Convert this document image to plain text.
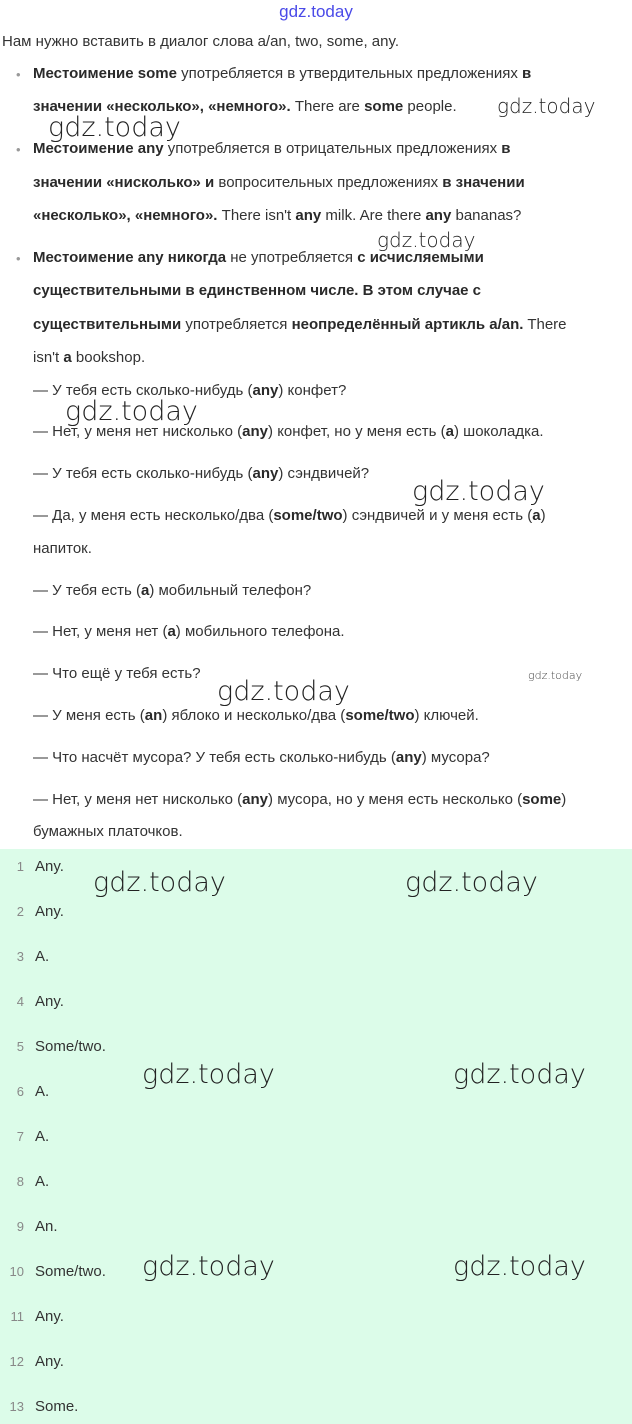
gdz.today
Нам нужно вставить в диалог слова a/an, two, some, any.
• Местоимение some употребляется в утвердительных предложениях в
значении «несколько», «немного». There are some people.
• Местоимение any употребляется в отрицательных предложениях в
значении «нисколько» и вопросительных предложениях в значении
«несколько», «немного». There isn't any milk. Are there any bananas?
• Местоимение any никогда не употребляется с исчисляемыми
существительными в единственном числе. В этом случае с
существительными употребляется неопределённый артикль a/an. There
isn't a bookshop.
— У тебя есть сколько-нибудь (any) конфет?
— Нет, у меня нет нисколько (any) конфет, но у меня есть (a) шоколадка.
— У тебя есть сколько-нибудь (any) сэндвичей?
— Да, у меня есть несколько/два (some/two) сэндвичей и у меня есть (a)
напиток.
— У тебя есть (a) мобильный телефон?
— Нет, у меня нет (a) мобильного телефона.
— Что ещё у тебя есть?
— У меня есть (an) яблоко и несколько/два (some/two) ключей.
— Что насчёт мусора? У тебя есть сколько-нибудь (any) мусора?
— Нет, у меня нет нисколько (any) мусора, но у меня есть несколько (some)
бумажных платочков.
1 Any.
2 Any.
3 A.
4 Any.
5 Some/two.
6 A.
7 A.
8 A.
9 An.
10 Some/two.
11 Any.
12 Any.
13 Some.
gdz.today
gdz.today
gdz.today
gdz.today
gdz.today
gdz.today
gdz.today
gdz.today	gdz.today
gdz.today	gdz.today
gdz.today	gdz.today
